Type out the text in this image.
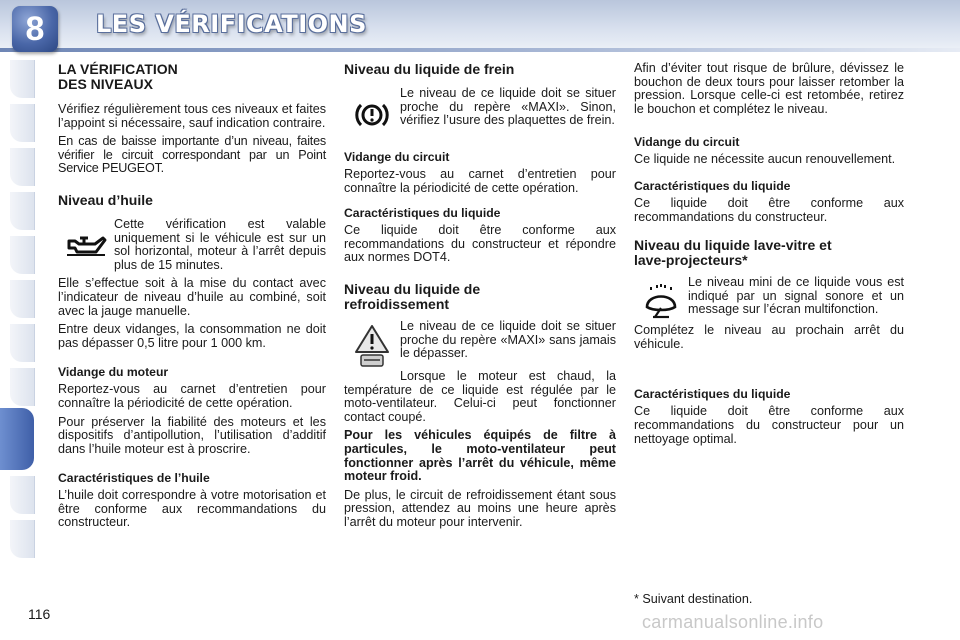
8	LES VÉRIFICATIONS
LA VÉRIFICATION
DES NIVEAUX

Vérifiez régulièrement tous ces niveaux et faites l’appoint si nécessaire, sauf indication contraire.

En cas de baisse importante d’un niveau, faites vérifier le circuit correspondant par un Point Service PEUGEOT.

Niveau d’huile

Cette vérification est valable uniquement si le véhicule est sur un sol horizontal, moteur à l’arrêt depuis plus de 15 minutes.

Elle s’effectue soit à la mise du contact avec l’indicateur de niveau d’huile au combiné, soit avec la jauge manuelle.

Entre deux vidanges, la consommation ne doit pas dépasser 0,5 litre pour 1 000 km.

Vidange du moteur

Reportez-vous au carnet d’entretien pour connaître la périodicité de cette opération.

Pour préserver la fiabilité des moteurs et les dispositifs d’antipollution, l’utilisation d’additif dans l’huile moteur est à proscrire.

Caractéristiques de l’huile

L’huile doit correspondre à votre motorisation et être conforme aux recommandations du constructeur.

Niveau du liquide de frein

Le niveau de ce liquide doit se situer proche du repère «MAXI». Sinon, vérifiez l’usure des plaquettes de frein.

Vidange du circuit

Reportez-vous au carnet d’entretien pour connaître la périodicité de cette opération.

Caractéristiques du liquide

Ce liquide doit être conforme aux recommandations du constructeur et répondre aux normes DOT4.

Niveau du liquide de
refroidissement

Le niveau de ce liquide doit se situer proche du repère «MAXI» sans jamais le dépasser.

Lorsque le moteur est chaud, la température de ce liquide est régulée par le moto-ventilateur. Celui-ci peut fonctionner contact coupé.

Pour les véhicules équipés de filtre à particules, le moto-ventilateur peut fonctionner après l’arrêt du véhicule, même moteur froid.

De plus, le circuit de refroidissement étant sous pression, attendez au moins une heure après l’arrêt du moteur pour intervenir.

Afin d’éviter tout risque de brûlure, dévissez le bouchon de deux tours pour laisser retomber la pression. Lorsque celle-ci est retombée, retirez le bouchon et complétez le niveau.

Vidange du circuit

Ce liquide ne nécessite aucun renouvellement.

Caractéristiques du liquide

Ce liquide doit être conforme aux recommandations du constructeur.

Niveau du liquide lave-vitre et
lave-projecteurs*

Le niveau mini de ce liquide vous est indiqué par un signal sonore et un message sur l’écran multifonction.

Complétez le niveau au prochain arrêt du véhicule.

Caractéristiques du liquide

Ce liquide doit être conforme aux recommandations du constructeur pour un nettoyage optimal.

116
* Suivant destination.
carmanualsonline.info
